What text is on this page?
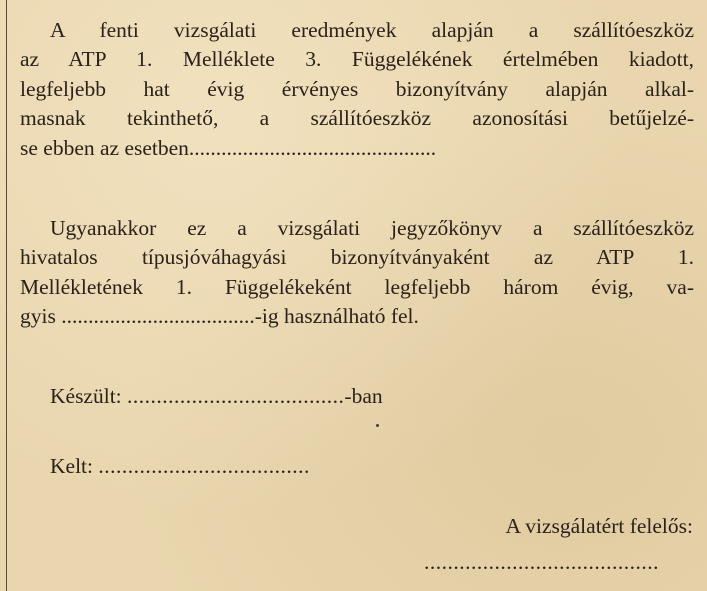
A fenti vizsgálati eredmények alapján a szállítóeszköz
az ATP 1. Melléklete 3. Függelékének értelmében kiadott,
legfeljebb hat évig érvényes bizonyítvány alapján alkal-
masnak tekinthető, a szállítóeszköz azonosítási betűjelzé-
se ebben az esetben..............................................
Ugyanakkor ez a vizsgálati jegyzőkönyv a szállítóeszköz
hivatalos típusjóváhagyási bizonyítványaként az ATP 1.
Mellékletének 1. Függelékeként legfeljebb három évig, va-
gyis ....................................-ig használható fel.
Készült: .....................................-ban
Kelt: ....................................
A vizsgálatért felelős:
........................................
